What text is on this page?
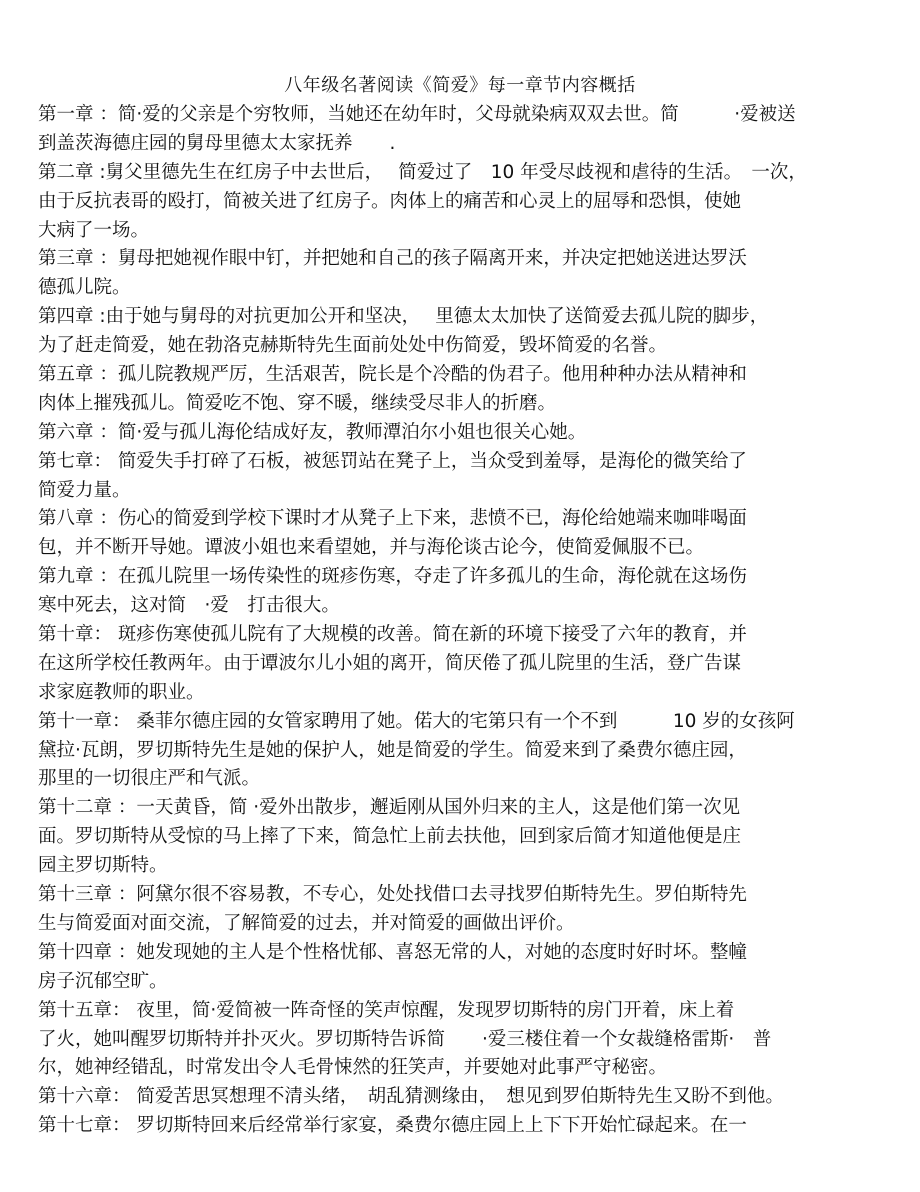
八年级名著阅读《简爱》每一章节内容概括
第一章 ：简·爱的父亲是个穷牧师，当她还在幼年时，父母就染病双双去世。简　　　·爱被送
到盖茨海德庄园的舅母里德太太家抚养　　.
第二章 :舅父里德先生在红房子中去世后，　 简爱过了　10 年受尽歧视和虐待的生活。　一次，
由于反抗表哥的殴打，简被关进了红房子。肉体上的痛苦和心灵上的屈辱和恐惧，使她
大病了一场。
第三章 ：舅母把她视作眼中钉，并把她和自己的孩子隔离开来，并决定把她送进达罗沃
德孤儿院。
第四章 :由于她与舅母的对抗更加公开和坚决，　 里德太太加快了送简爱去孤儿院的脚步，
为了赶走简爱，她在勃洛克赫斯特先生面前处处中伤简爱，毁坏简爱的名誉。
第五章 ：孤儿院教规严厉，生活艰苦，院长是个冷酷的伪君子。他用种种办法从精神和
肉体上摧残孤儿。简爱吃不饱、穿不暖，继续受尽非人的折磨。
第六章 ：简·爱与孤儿海伦结成好友，教师潭泊尔小姐也很关心她。
第七章： 简爱失手打碎了石板，被惩罚站在凳子上，当众受到羞辱，是海伦的微笑给了
简爱力量。
第八章 ：伤心的简爱到学校下课时才从凳子上下来，悲愤不已，海伦给她端来咖啡喝面
包，并不断开导她。谭波小姐也来看望她，并与海伦谈古论今，使简爱佩服不已。
第九章 ：在孤儿院里一场传染性的斑疹伤寒，夺走了许多孤儿的生命，海伦就在这场伤
寒中死去，这对简　·爱　打击很大。
第十章： 斑疹伤寒使孤儿院有了大规模的改善。简在新的环境下接受了六年的教育，并
在这所学校任教两年。由于谭波尔儿小姐的离开，简厌倦了孤儿院里的生活，登广告谋
求家庭教师的职业。
第十一章： 桑菲尔德庄园的女管家聘用了她。偌大的宅第只有一个不到　　　10 岁的女孩阿
黛拉·瓦朗，罗切斯特先生是她的保护人，她是简爱的学生。简爱来到了桑费尔德庄园，
那里的一切很庄严和气派。
第十二章 ：一天黄昏，简 ·爱外出散步，邂逅刚从国外归来的主人，这是他们第一次见
面。罗切斯特从受惊的马上摔了下来，简急忙上前去扶他，回到家后简才知道他便是庄
园主罗切斯特。
第十三章 ：阿黛尔很不容易教，不专心，处处找借口去寻找罗伯斯特先生。罗伯斯特先
生与简爱面对面交流，了解简爱的过去，并对简爱的画做出评价。
第十四章 ：她发现她的主人是个性格忧郁、喜怒无常的人，对她的态度时好时坏。整幢
房子沉郁空旷。
第十五章： 夜里，简·爱简被一阵奇怪的笑声惊醒，发现罗切斯特的房门开着，床上着
了火，她叫醒罗切斯特并扑灭火。罗切斯特告诉简　　·爱三楼住着一个女裁缝格雷斯·　普
尔，她神经错乱，时常发出令人毛骨悚然的狂笑声，并要她对此事严守秘密。
第十六章： 简爱苦思冥想理不清头绪，　胡乱猜测缘由，　想见到罗伯斯特先生又盼不到他。
第十七章： 罗切斯特回来后经常举行家宴，桑费尔德庄园上上下下开始忙碌起来。在一
